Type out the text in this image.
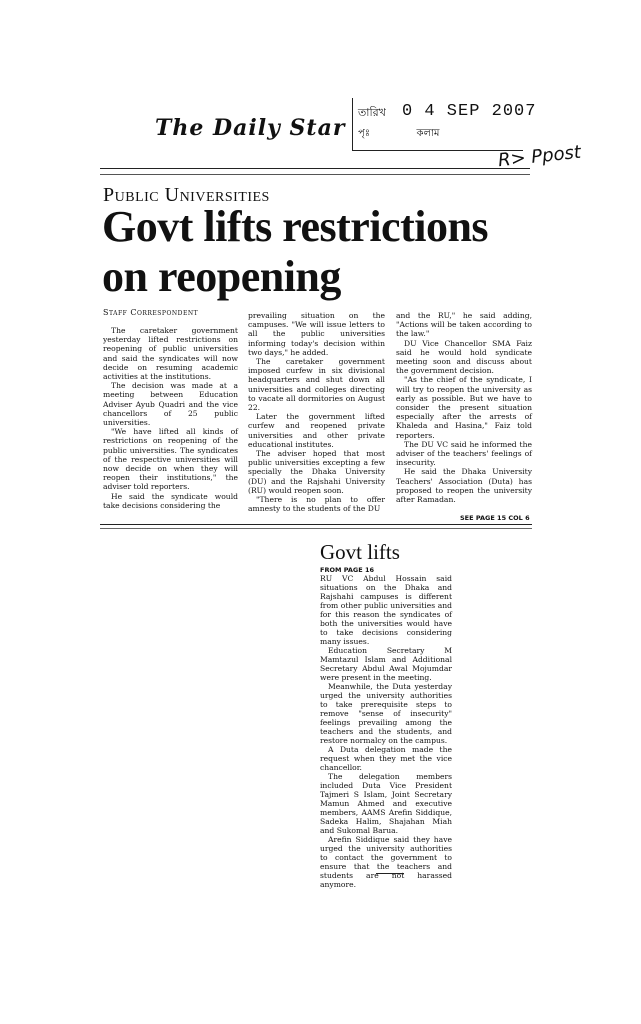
The Daily Star
তারিখ 0 4 SEP 2007
পৃঃ	কলাম
R> Ppost
Public Universities
Govt lifts restrictions
on reopening
Staff Correspondent

The caretaker government yesterday lifted restrictions on reopening of public universities and said the syndicates will now decide on resuming academic activities at the institutions.

The decision was made at a meeting between Education Adviser Ayub Quadri and the vice chancellors of 25 public universities.

"We have lifted all kinds of restrictions on reopening of the public universities. The syndicates of the respective universities will now decide on when they will reopen their institutions," the adviser told reporters.

He said the syndicate would take decisions considering the

prevailing situation on the campuses. "We will issue letters to all the public universities informing today's decision within two days," he added.

The caretaker government imposed curfew in six divisional headquarters and shut down all universities and colleges directing to vacate all dormitories on August 22.

Later the government lifted curfew and reopened private universities and other private educational institutes.

The adviser hoped that most public universities excepting a few specially the Dhaka University (DU) and the Rajshahi University (RU) would reopen soon.

"There is no plan to offer amnesty to the students of the DU

and the RU," he said adding, "Actions will be taken according to the law."

DU Vice Chancellor SMA Faiz said he would hold syndicate meeting soon and discuss about the government decision.

"As the chief of the syndicate, I will try to reopen the university as early as possible. But we have to consider the present situation especially after the arrests of Khaleda and Hasina," Faiz told reporters.

The DU VC said he informed the adviser of the teachers' feelings of insecurity.

He said the Dhaka University Teachers' Association (Duta) has proposed to reopen the university after Ramadan.

SEE PAGE 15 COL 6
Govt lifts
FROM PAGE 16

RU VC Abdul Hossain said situations on the Dhaka and Rajshahi campuses is different from other public universities and for this reason the syndicates of both the universities would have to take decisions considering many issues.

Education Secretary M Mamtazul Islam and Additional Secretary Abdul Awal Mojumdar were present in the meeting.

Meanwhile, the Duta yesterday urged the university authorities to take prerequisite steps to remove "sense of insecurity" feelings prevailing among the teachers and the students, and restore normalcy on the campus.

A Duta delegation made the request when they met the vice chancellor.

The delegation members included Duta Vice President Tajmeri S Islam, Joint Secretary Mamun Ahmed and executive members, AAMS Arefin Siddique, Sadeka Halim, Shajahan Miah and Sukomal Barua.

Arefin Siddique said they have urged the university authorities to contact the government to ensure that the teachers and students are not harassed anymore.
